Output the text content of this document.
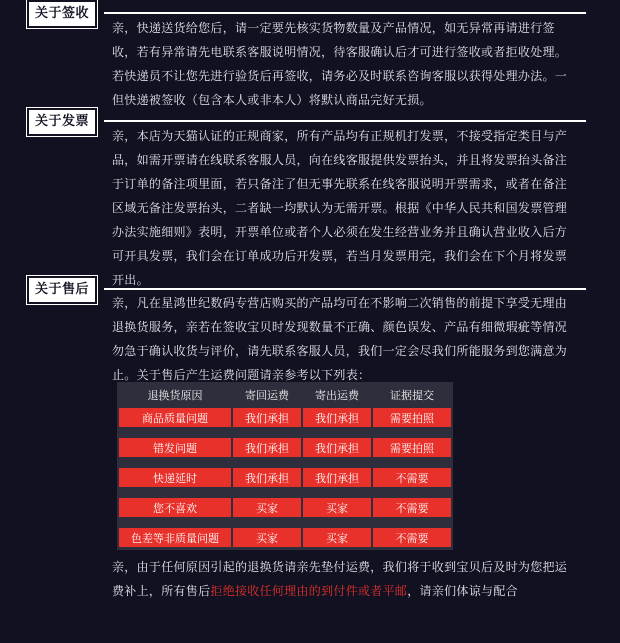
关于签收
亲，快递送货给您后，请一定要先核实货物数量及产品情况，如无异常再请进行签收，若有异常请先电联系客服说明情况，待客服确认后才可进行签收或者拒收处理。若快递员不让您先进行验货后再签收，请务必及时联系咨询客服以获得处理办法。一但快递被签收（包含本人或非本人）将默认商品完好无损。
关于发票
亲，本店为天猫认证的正规商家，所有产品均有正规机打发票，不接受指定类目与产品，如需开票请在线联系客服人员，向在线客服提供发票抬头，并且将发票抬头备注于订单的备注项里面，若只备注了但无事先联系在线客服说明开票需求，或者在备注区域无备注发票抬头，二者缺一均默认为无需开票。根据《中华人民共和国发票管理办法实施细则》表明，开票单位或者个人必须在发生经营业务并且确认营业收入后方可开具发票，我们会在订单成功后开发票，若当月发票用完，我们会在下个月将发票开出。
关于售后
亲，凡在星鸿世纪数码专营店购买的产品均可在不影响二次销售的前提下享受无理由退换货服务，亲若在签收宝贝时发现数量不正确、颜色误发、产品有细微瑕疵等情况勿急于确认收货与评价，请先联系客服人员，我们一定会尽我们所能服务到您满意为止。关于售后产生运费问题请亲参考以下列表：
退换货原因	寄回运费	寄出运费	证据提交
商品质量问题	我们承担	我们承担	需要拍照

错发问题	我们承担	我们承担	需要拍照

快递延时	我们承担	我们承担	不需要

您不喜欢	买家	买家	不需要

色差等非质量问题	买家	买家	不需要
亲，由于任何原因引起的退换货请亲先垫付运费，我们将于收到宝贝后及时为您把运费补上，所有售后拒绝接收任何理由的到付件或者平邮，请亲们体谅与配合
